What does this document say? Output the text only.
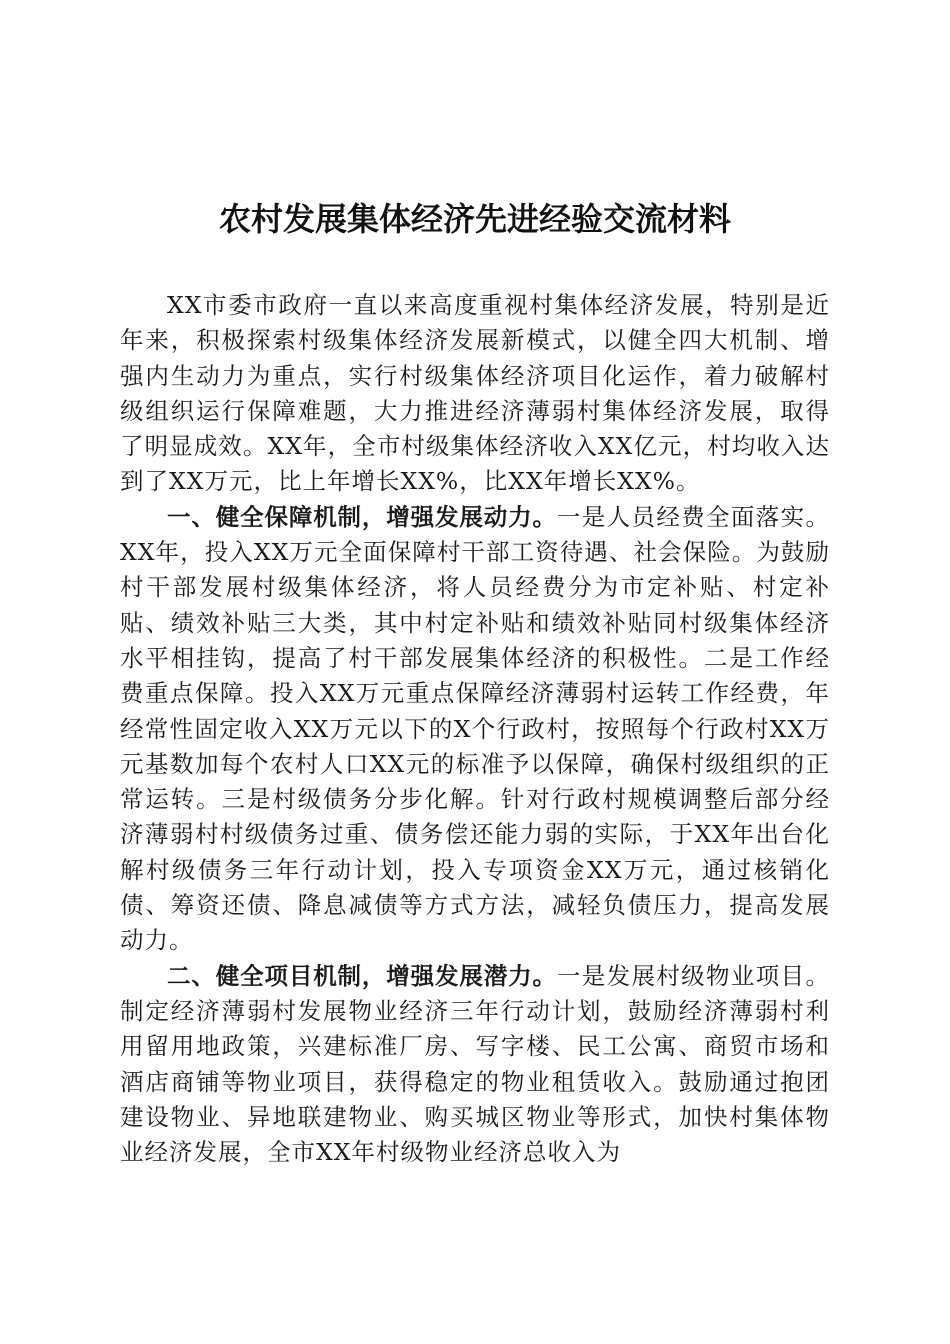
农村发展集体经济先进经验交流材料

XX市委市政府一直以来高度重视村集体经济发展，特别是近年来，积极探索村级集体经济发展新模式，以健全四大机制、增强内生动力为重点，实行村级集体经济项目化运作，着力破解村级组织运行保障难题，大力推进经济薄弱村集体经济发展，取得了明显成效。XX年，全市村级集体经济收入XX亿元，村均收入达到了XX万元，比上年增长XX%，比XX年增长XX%。

一、健全保障机制，增强发展动力。一是人员经费全面落实。XX年，投入XX万元全面保障村干部工资待遇、社会保险。为鼓励村干部发展村级集体经济，将人员经费分为市定补贴、村定补贴、绩效补贴三大类，其中村定补贴和绩效补贴同村级集体经济水平相挂钩，提高了村干部发展集体经济的积极性。二是工作经费重点保障。投入XX万元重点保障经济薄弱村运转工作经费，年经常性固定收入XX万元以下的X个行政村，按照每个行政村XX万元基数加每个农村人口XX元的标准予以保障，确保村级组织的正常运转。三是村级债务分步化解。针对行政村规模调整后部分经济薄弱村村级债务过重、债务偿还能力弱的实际，于XX年出台化解村级债务三年行动计划，投入专项资金XX万元，通过核销化债、筹资还债、降息减债等方式方法，减轻负债压力，提高发展动力。

二、健全项目机制，增强发展潜力。一是发展村级物业项目。制定经济薄弱村发展物业经济三年行动计划，鼓励经济薄弱村利用留用地政策，兴建标准厂房、写字楼、民工公寓、商贸市场和酒店商铺等物业项目，获得稳定的物业租赁收入。鼓励通过抱团建设物业、异地联建物业、购买城区物业等形式，加快村集体物业经济发展，全市XX年村级物业经济总收入为
